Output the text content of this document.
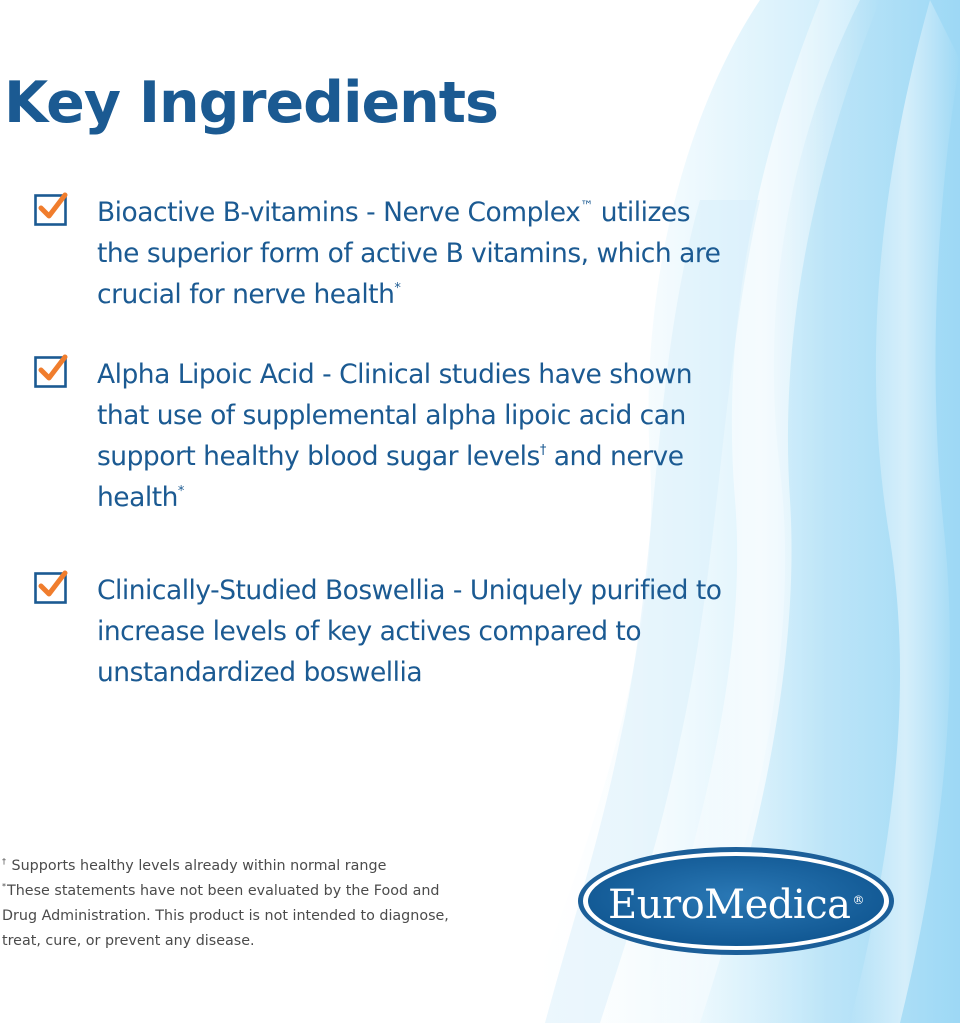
Key Ingredients

Bioactive B-vitamins - Nerve Complex™ utilizes the superior form of active B vitamins, which are crucial for nerve health*

Alpha Lipoic Acid - Clinical studies have shown that use of supplemental alpha lipoic acid can support healthy blood sugar levels† and nerve health*

Clinically-Studied Boswellia - Uniquely purified to increase levels of key actives compared to unstandardized boswellia

† Supports healthy levels already within normal range

*These statements have not been evaluated by the Food and Drug Administration. This product is not intended to diagnose, treat, cure, or prevent any disease.

EuroMedica ®
